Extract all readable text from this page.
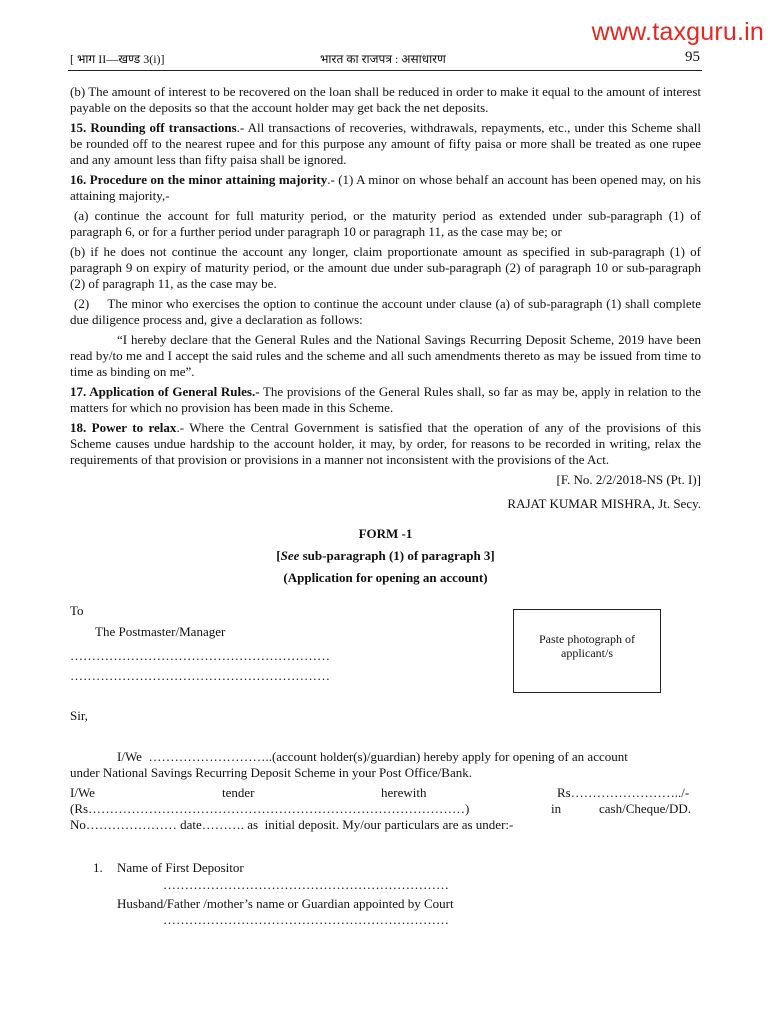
www.taxguru.in
[ भाग II—खण्ड 3(i)]	भारत का राजपत्र : असाधारण	95

(b) The amount of interest to be recovered on the loan shall be reduced in order to make it equal to the amount of interest payable on the deposits so that the account holder may get back the net deposits.

15. Rounding off transactions.- All transactions of recoveries, withdrawals, repayments, etc., under this Scheme shall be rounded off to the nearest rupee and for this purpose any amount of fifty paisa or more shall be treated as one rupee and any amount less than fifty paisa shall be ignored.

16. Procedure on the minor attaining majority.- (1) A minor on whose behalf an account has been opened may, on his attaining majority,-

(a) continue the account for full maturity period, or the maturity period as extended under sub-paragraph (1) of paragraph 6, or for a further period under paragraph 10 or paragraph 11, as the case may be; or

(b) if he does not continue the account any longer, claim proportionate amount as specified in sub-paragraph (1) of paragraph 9 on expiry of maturity period, or the amount due under sub-paragraph (2) of paragraph 10 or sub-paragraph (2) of paragraph 11, as the case may be.

(2)     The minor who exercises the option to continue the account under clause (a) of sub-paragraph (1) shall complete due diligence process and, give a declaration as follows:

“I hereby declare that the General Rules and the National Savings Recurring Deposit Scheme, 2019 have been read by/to me and I accept the said rules and the scheme and all such amendments thereto as may be issued from time to time as binding on me”.

17. Application of General Rules.- The provisions of the General Rules shall, so far as may be, apply in relation to the matters for which no provision has been made in this Scheme.

18. Power to relax.- Where the Central Government is satisfied that the operation of any of the provisions of this Scheme causes undue hardship to the account holder, it may, by order, for reasons to be recorded in writing, relax the requirements of that provision or provisions in a manner not inconsistent with the provisions of the Act.

[F. No. 2/2/2018-NS (Pt. I)]

RAJAT KUMAR MISHRA, Jt. Secy.

FORM -1

[See sub-paragraph (1) of paragraph 3]

(Application for opening an account)

To
The Postmaster/Manager
……………………………………………………
……………………………………………………
Paste photograph of applicant/s
Sir,
I/We  ………………………..(account holder(s)/guardian) hereby apply for opening of an account
under National Savings Recurring Deposit Scheme in your Post Office/Bank.
I/We	tender	herewith	Rs……………………../-
(Rs……………………………………………………………………………)	in	cash/Cheque/DD.
No………………… date………. as  initial deposit. My/our particulars are as under:-
1. Name of First Depositor
…………………………………………………………
Husband/Father /mother’s name or Guardian appointed by Court
…………………………………………………………
